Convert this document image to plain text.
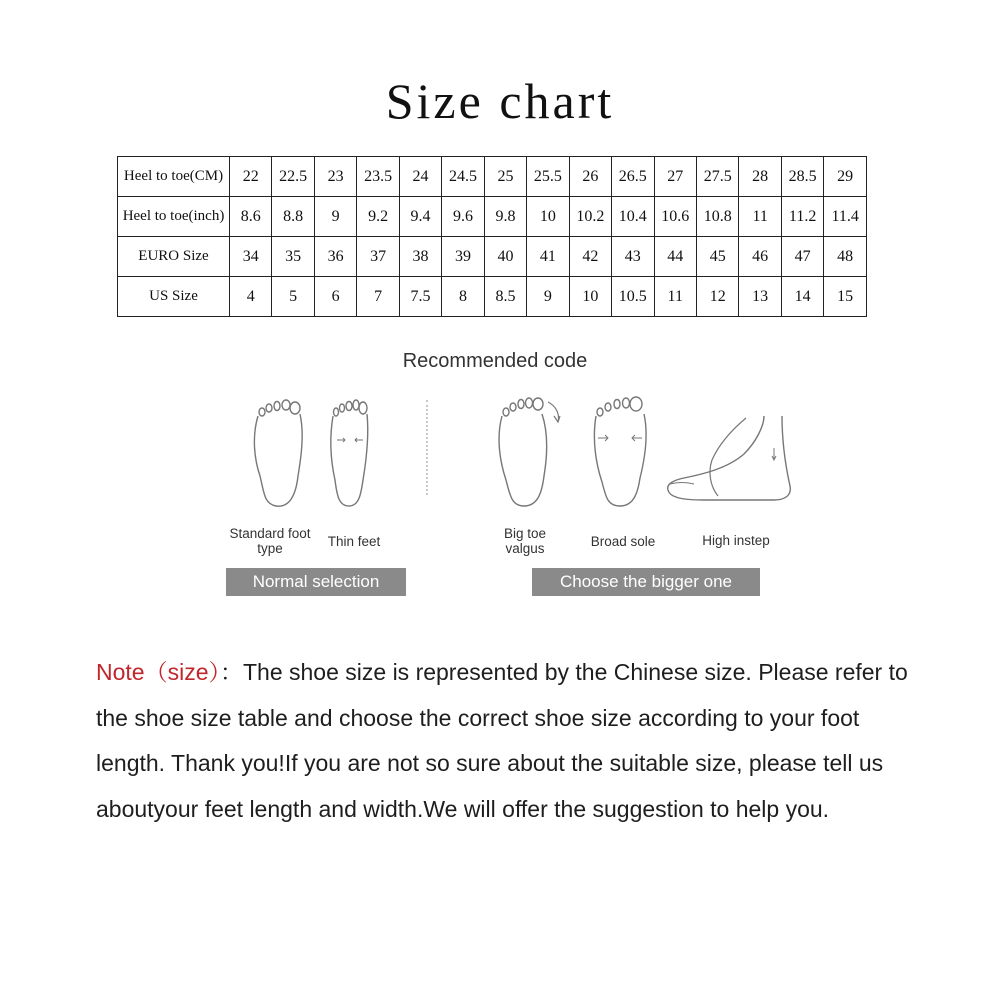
Size chart
Heel to toe(CM)	22	22.5	23	23.5	24	24.5	25	25.5	26	26.5	27	27.5	28	28.5	29
Heel to toe(inch)	8.6	8.8	9	9.2	9.4	9.6	9.8	10	10.2	10.4	10.6	10.8	11	11.2	11.4
EURO Size	34	35	36	37	38	39	40	41	42	43	44	45	46	47	48
US Size	4	5	6	7	7.5	8	8.5	9	10	10.5	11	12	13	14	15
Recommended code
Standard foot type	Thin feet
Big toe valgus	Broad sole	High instep
Normal selection	Choose the bigger one
Note（size）：The shoe size is represented by the Chinese size. Please refer to the shoe size table and choose the correct shoe size according to your foot length. Thank you!If you are not so sure about the suitable size, please tell us aboutyour feet length and width.We will offer the suggestion to help you.
